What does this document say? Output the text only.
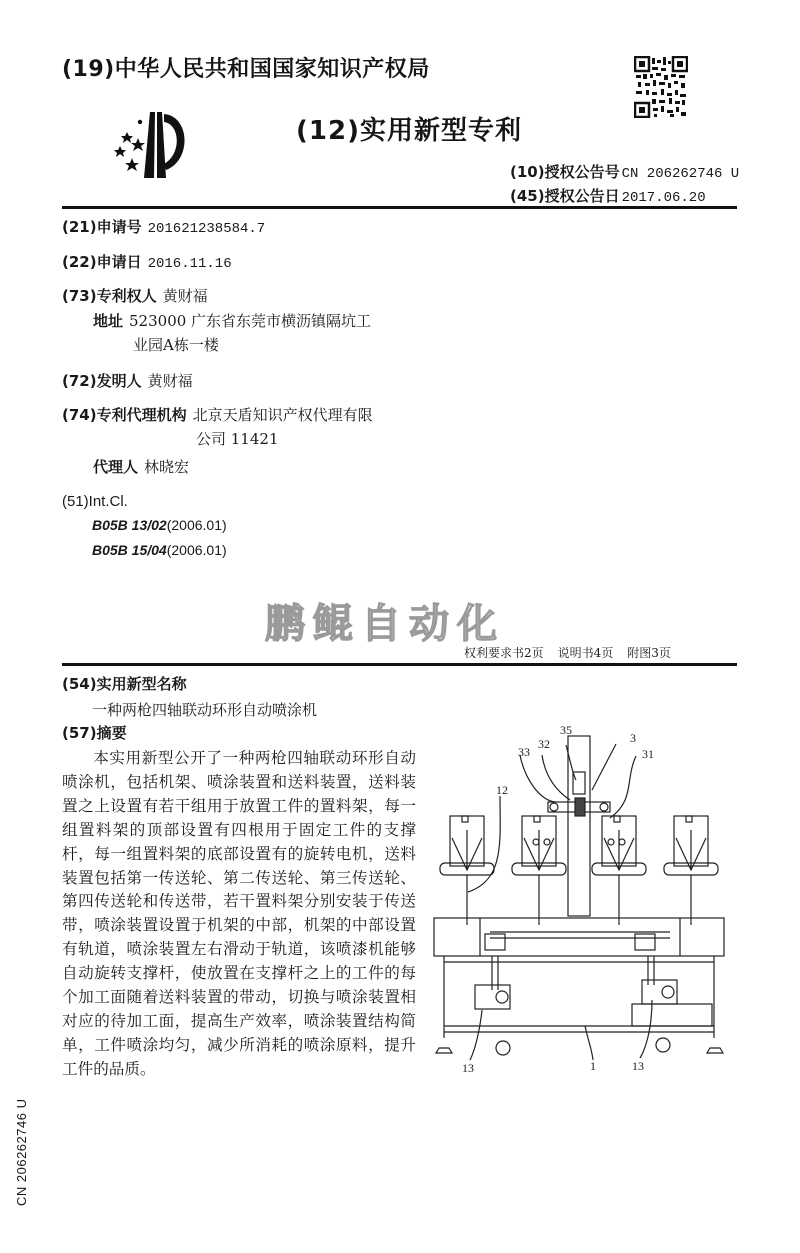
(19)中华人民共和国国家知识产权局
(12)实用新型专利
(10)授权公告号 CN 206262746 U
(45)授权公告日 2017.06.20
(21)申请号 201621238584.7
(22)申请日 2016.11.16
(73)专利权人 黄财福
地址 523000 广东省东莞市横沥镇隔坑工
业园A栋一楼
(72)发明人 黄财福
(74)专利代理机构 北京天盾知识产权代理有限
公司 11421
代理人 林晓宏
(51)Int.Cl.
B05B 13/02(2006.01)
B05B 15/04(2006.01)
鹏鲲自动化
权利要求书2页 说明书4页 附图3页
(54)实用新型名称
一种两枪四轴联动环形自动喷涂机
(57)摘要
本实用新型公开了一种两枪四轴联动环形自动喷涂机，包括机架、喷涂装置和送料装置，送料装置之上设置有若干组用于放置工件的置料架，每一组置料架的顶部设置有四根用于固定工件的支撑杆，每一组置料架的底部设置有的旋转电机，送料装置包括第一传送轮、第二传送轮、第三传送轮、第四传送轮和传送带，若干置料架分别安装于传送带，喷涂装置设置于机架的中部，机架的中部设置有轨道，喷涂装置左右滑动于轨道，该喷漆机能够自动旋转支撑杆，使放置在支撑杆之上的工件的每个加工面随着送料装置的带动，切换与喷涂装置相对应的待加工面，提高生产效率，喷涂装置结构简单，工件喷涂均匀，减少所消耗的喷涂原料，提升工件的品质。
35
32
33
3
31
12
13	1	13
CN 206262746 U
